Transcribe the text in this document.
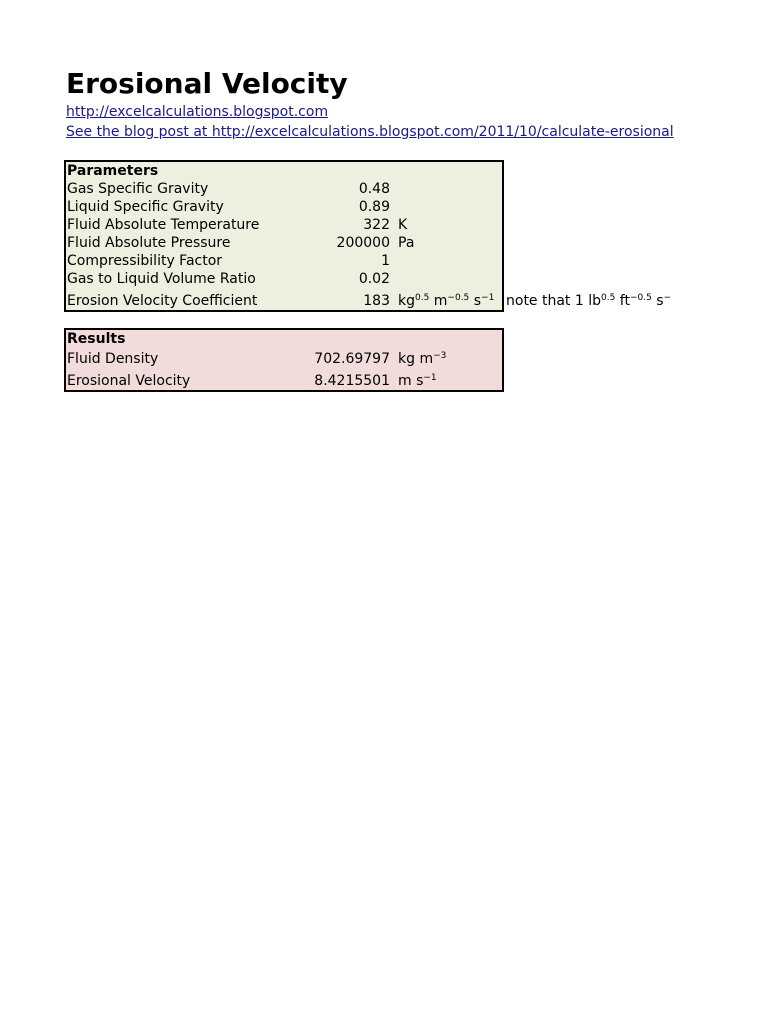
Erosional Velocity
http://excelcalculations.blogspot.com
See the blog post at http://excelcalculations.blogspot.com/2011/10/calculate-erosional
Parameters
Gas Specific Gravity	0.48
Liquid Specific Gravity	0.89
Fluid Absolute Temperature	322 K
Fluid Absolute Pressure	200000 Pa
Compressibility Factor	1
Gas to Liquid Volume Ratio	0.02
Erosion Velocity Coefficient	183 $kg^{0.5}$ $m^{-0.5}$ $s^{-1}$ note that 1 $lb^{0.5}$ $ft^{-0.5}$ s−
Results
Fluid Density	702.69797 kg $m^{-3}$
Erosional Velocity	8.4215501 m $s^{-1}$
